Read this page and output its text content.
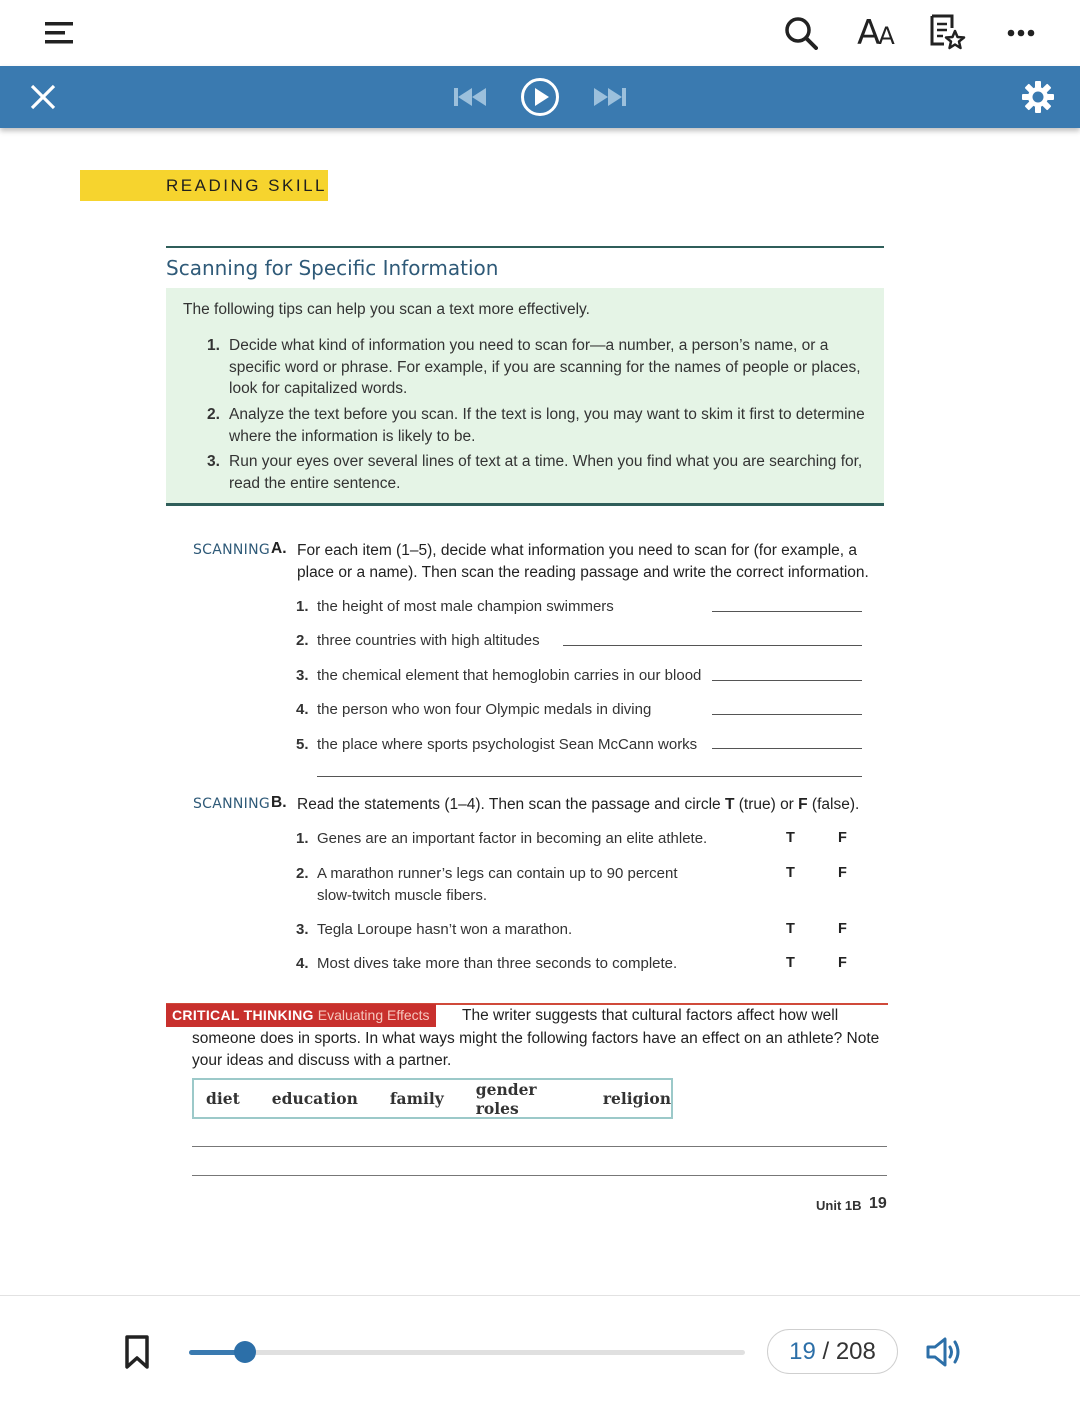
AA
READING SKILL
Scanning for Specific Information
The following tips can help you scan a text more effectively.
1. Decide what kind of information you need to scan for—a number, a person’s name, or a specific word or phrase. For example, if you are scanning for the names of people or places, look for capitalized words.
2. Analyze the text before you scan. If the text is long, you may want to skim it first to determine where the information is likely to be.
3. Run your eyes over several lines of text at a time. When you find what you are searching for, read the entire sentence.
SCANNING A. For each item (1–5), decide what information you need to scan for (for example, a place or a name). Then scan the reading passage and write the correct information.
1. the height of most male champion swimmers
2. three countries with high altitudes
3. the chemical element that hemoglobin carries in our blood
4. the person who won four Olympic medals in diving
5. the place where sports psychologist Sean McCann works
SCANNING B. Read the statements (1–4). Then scan the passage and circle T (true) or F (false).
1. Genes are an important factor in becoming an elite athlete.	T	F
2. A marathon runner’s legs can contain up to 90 percent slow-twitch muscle fibers.
T	F
3. Tegla Loroupe hasn’t won a marathon.	T	F
4. Most dives take more than three seconds to complete.	T	F
CRITICAL THINKING Evaluating Effects	The writer suggests that cultural factors affect how well
someone does in sports. In what ways might the following factors have an effect on an athlete? Note your ideas and discuss with a partner.
diet education family gender roles	religion
Unit 1B 19
19 / 208
